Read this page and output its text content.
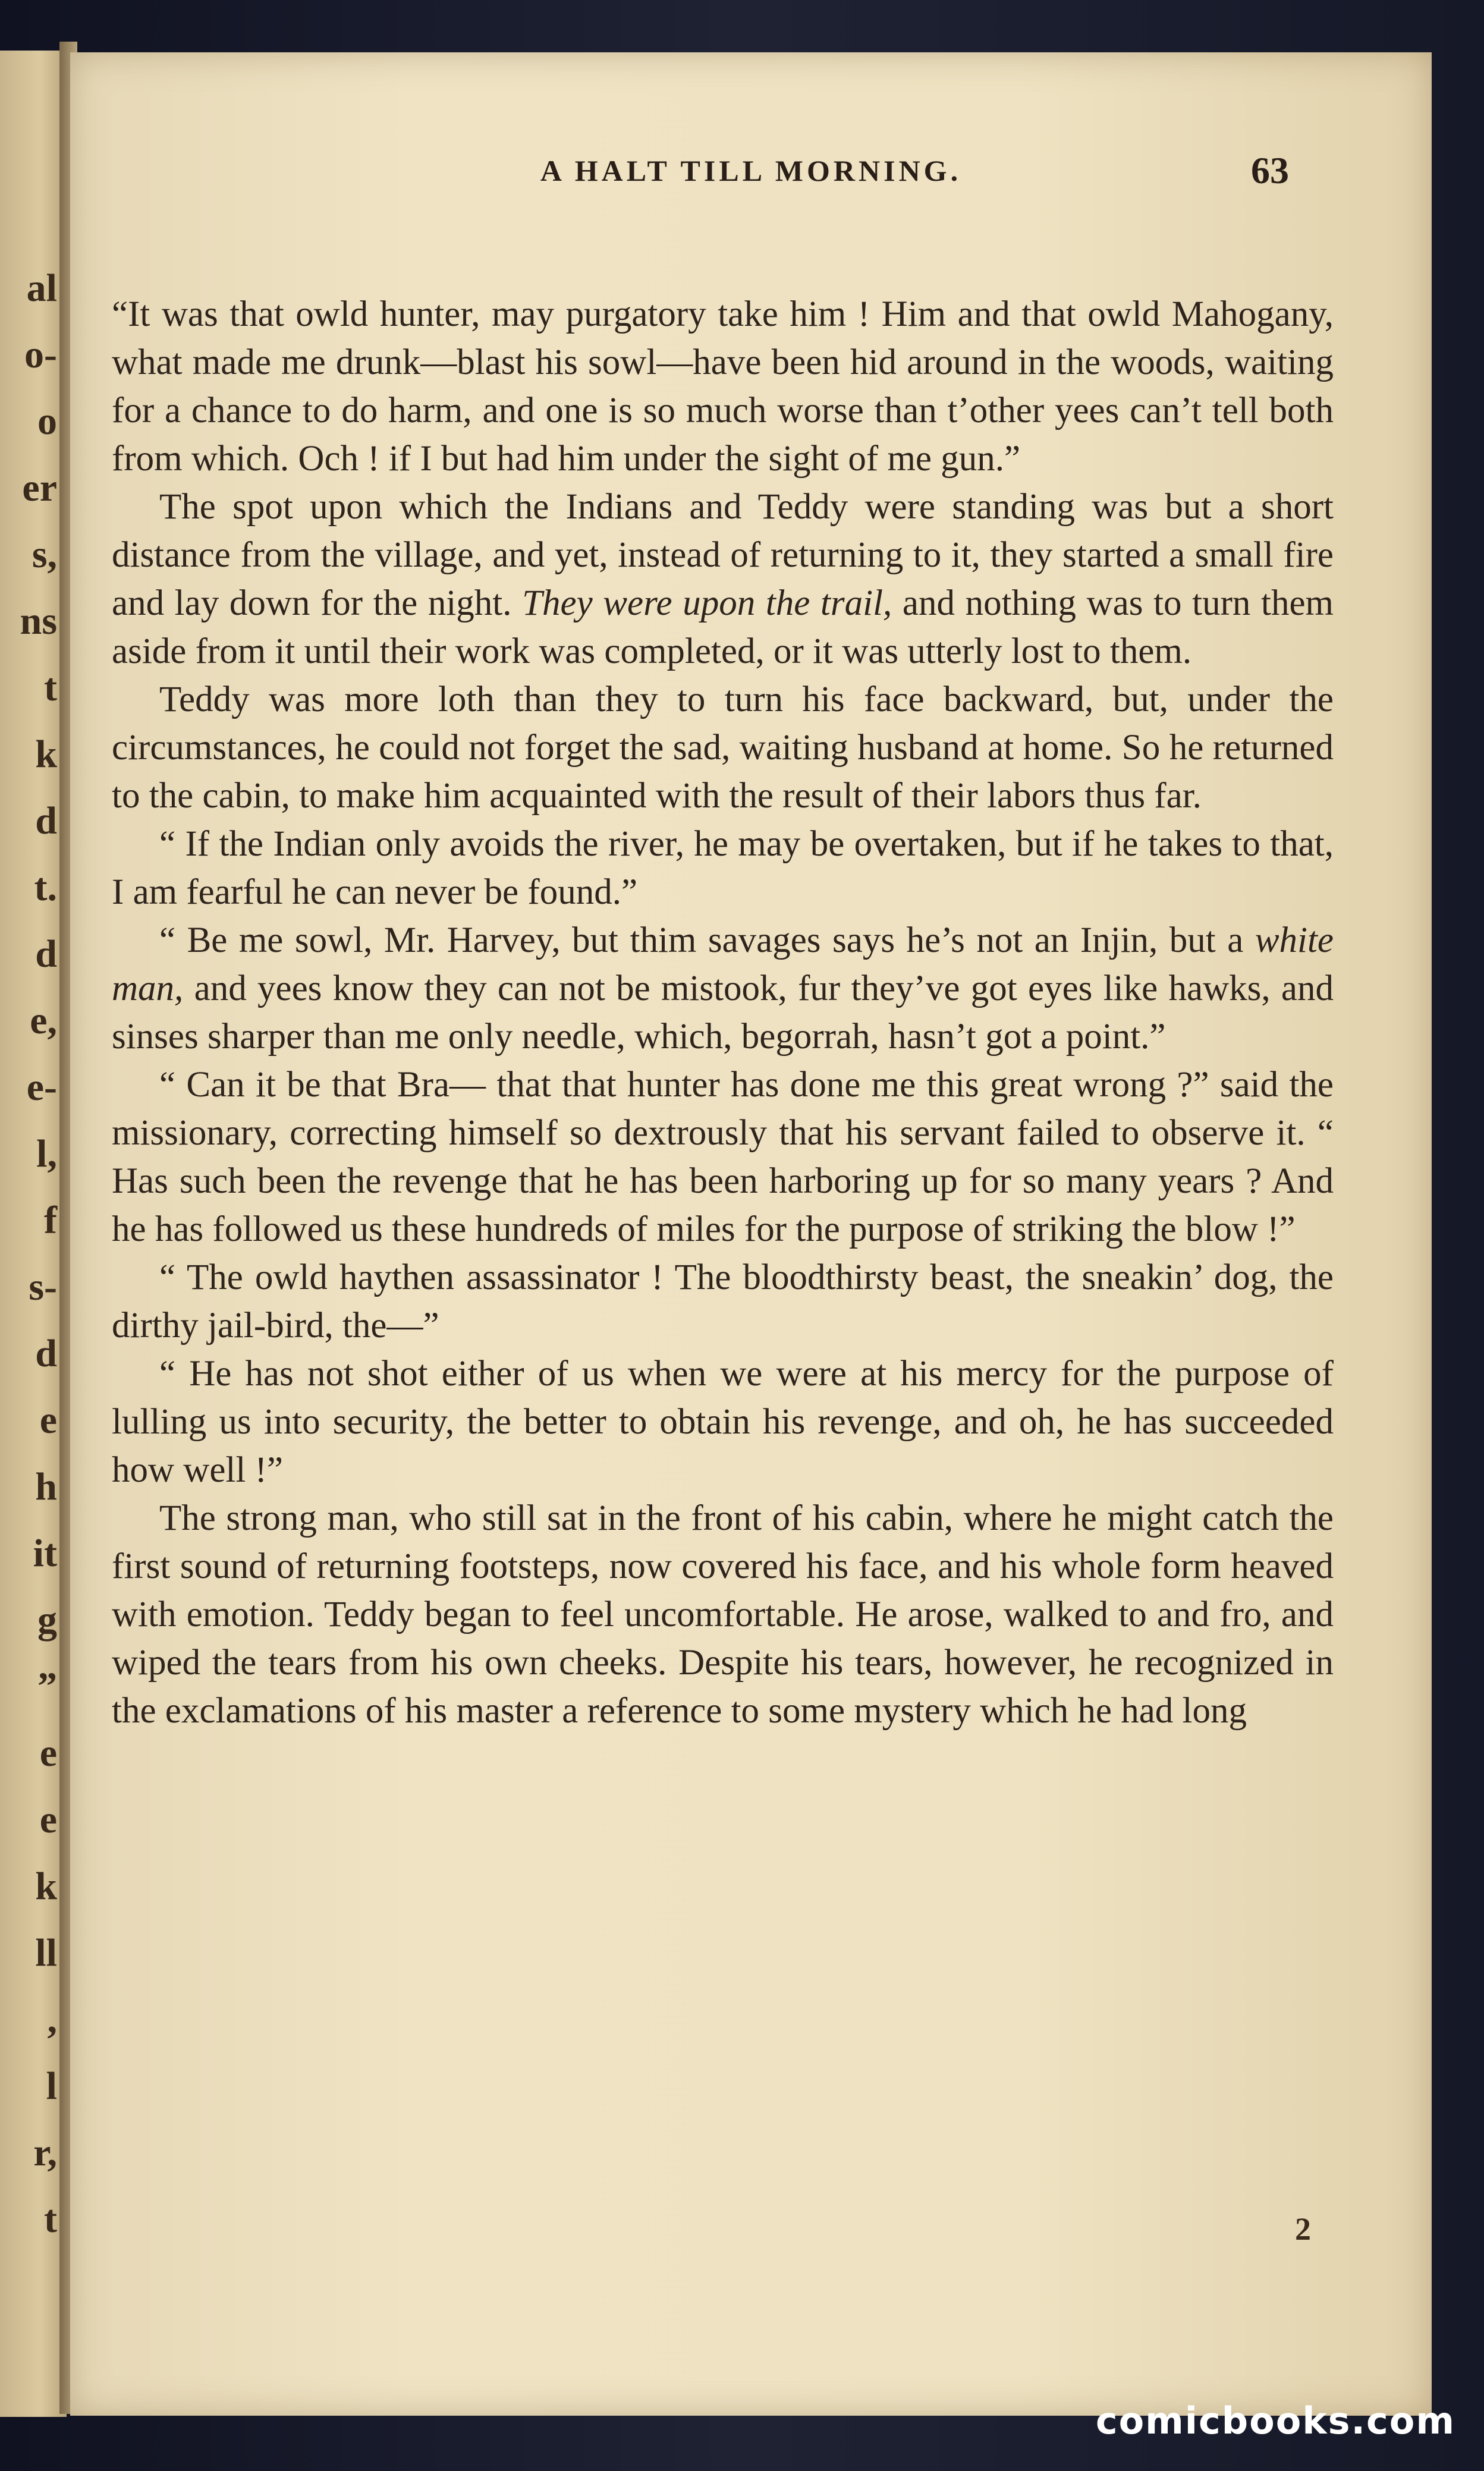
al
o-
o
er
s,
ns
t
k
d
t.
d
e,
e-
l,
f
s-
d
e
h
it
g
”
e
e
k
ll
,
l
r,
t
A HALT TILL MORNING.	63

“It was that owld hunter, may purgatory take him ! Him and that owld Mahogany, what made me drunk—blast his sowl—have been hid around in the woods, waiting for a chance to do harm, and one is so much worse than t’other yees can’t tell both from which. Och ! if I but had him under the sight of me gun.”

The spot upon which the Indians and Teddy were standing was but a short distance from the village, and yet, instead of returning to it, they started a small fire and lay down for the night. They were upon the trail, and nothing was to turn them aside from it until their work was completed, or it was utterly lost to them.

Teddy was more loth than they to turn his face backward, but, under the circumstances, he could not forget the sad, waiting husband at home. So he returned to the cabin, to make him acquainted with the result of their labors thus far.

“ If the Indian only avoids the river, he may be overtaken, but if he takes to that, I am fearful he can never be found.”

“ Be me sowl, Mr. Harvey, but thim savages says he’s not an Injin, but a white man, and yees know they can not be mistook, fur they’ve got eyes like hawks, and sinses sharper than me only needle, which, begorrah, hasn’t got a point.”

“ Can it be that Bra— that that hunter has done me this great wrong ?” said the missionary, correcting himself so dextrously that his servant failed to observe it. “ Has such been the revenge that he has been harboring up for so many years ? And he has followed us these hundreds of miles for the purpose of striking the blow !”

“ The owld haythen assassinator ! The bloodthirsty beast, the sneakin’ dog, the dirthy jail-bird, the—”

“ He has not shot either of us when we were at his mercy for the purpose of lulling us into security, the better to obtain his revenge, and oh, he has succeeded how well !”

The strong man, who still sat in the front of his cabin, where he might catch the first sound of returning footsteps, now covered his face, and his whole form heaved with emotion. Teddy began to feel uncomfortable. He arose, walked to and fro, and wiped the tears from his own cheeks. Despite his tears, however, he recognized in the exclamations of his master a reference to some mystery which he had long

2
comicbooks.com
